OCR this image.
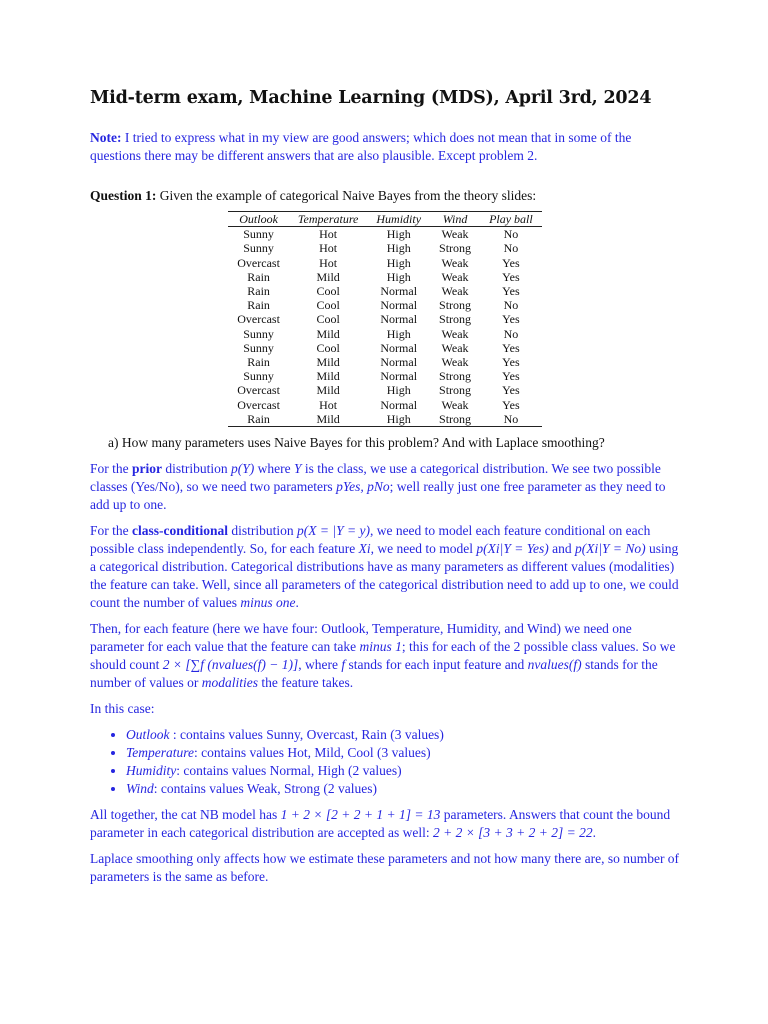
Mid-term exam, Machine Learning (MDS), April 3rd, 2024

Note: I tried to express what in my view are good answers; which does not mean that in some of the questions there may be different answers that are also plausible. Except problem 2.

Question 1: Given the example of categorical Naive Bayes from the theory slides:

Outlook	Temperature	Humidity	Wind	Play ball
Sunny	Hot	High	Weak	No
Sunny	Hot	High	Strong	No
Overcast	Hot	High	Weak	Yes
Rain	Mild	High	Weak	Yes
Rain	Cool	Normal	Weak	Yes
Rain	Cool	Normal	Strong	No
Overcast	Cool	Normal	Strong	Yes
Sunny	Mild	High	Weak	No
Sunny	Cool	Normal	Weak	Yes
Rain	Mild	Normal	Weak	Yes
Sunny	Mild	Normal	Strong	Yes
Overcast	Mild	High	Strong	Yes
Overcast	Hot	Normal	Weak	Yes
Rain	Mild	High	Strong	No
a) How many parameters uses Naive Bayes for this problem? And with Laplace smoothing?

For the prior distribution p(Y) where Y is the class, we use a categorical distribution. We see two possible classes (Yes/No), so we need two parameters pYes, pNo; well really just one free parameter as they need to add up to one.

For the class-conditional distribution p(X = |Y = y), we need to model each feature conditional on each possible class independently. So, for each feature Xi, we need to model p(Xi|Y = Yes) and p(Xi|Y = No) using a categorical distribution. Categorical distributions have as many parameters as different values (modalities) the feature can take. Well, since all parameters of the categorical distribution need to add up to one, we could count the number of values minus one.

Then, for each feature (here we have four: Outlook, Temperature, Humidity, and Wind) we need one parameter for each value that the feature can take minus 1; this for each of the 2 possible class values. So we should count 2 × [∑f (nvalues(f) − 1)], where f stands for each input feature and nvalues(f) stands for the number of values or modalities the feature takes.

In this case:

• Outlook : contains values Sunny, Overcast, Rain (3 values)
• Temperature: contains values Hot, Mild, Cool (3 values)
• Humidity: contains values Normal, High (2 values)
• Wind: contains values Weak, Strong (2 values)

All together, the cat NB model has 1 + 2 × [2 + 2 + 1 + 1] = 13 parameters. Answers that count the bound parameter in each categorical distribution are accepted as well: 2 + 2 × [3 + 3 + 2 + 2] = 22.

Laplace smoothing only affects how we estimate these parameters and not how many there are, so number of parameters is the same as before.
